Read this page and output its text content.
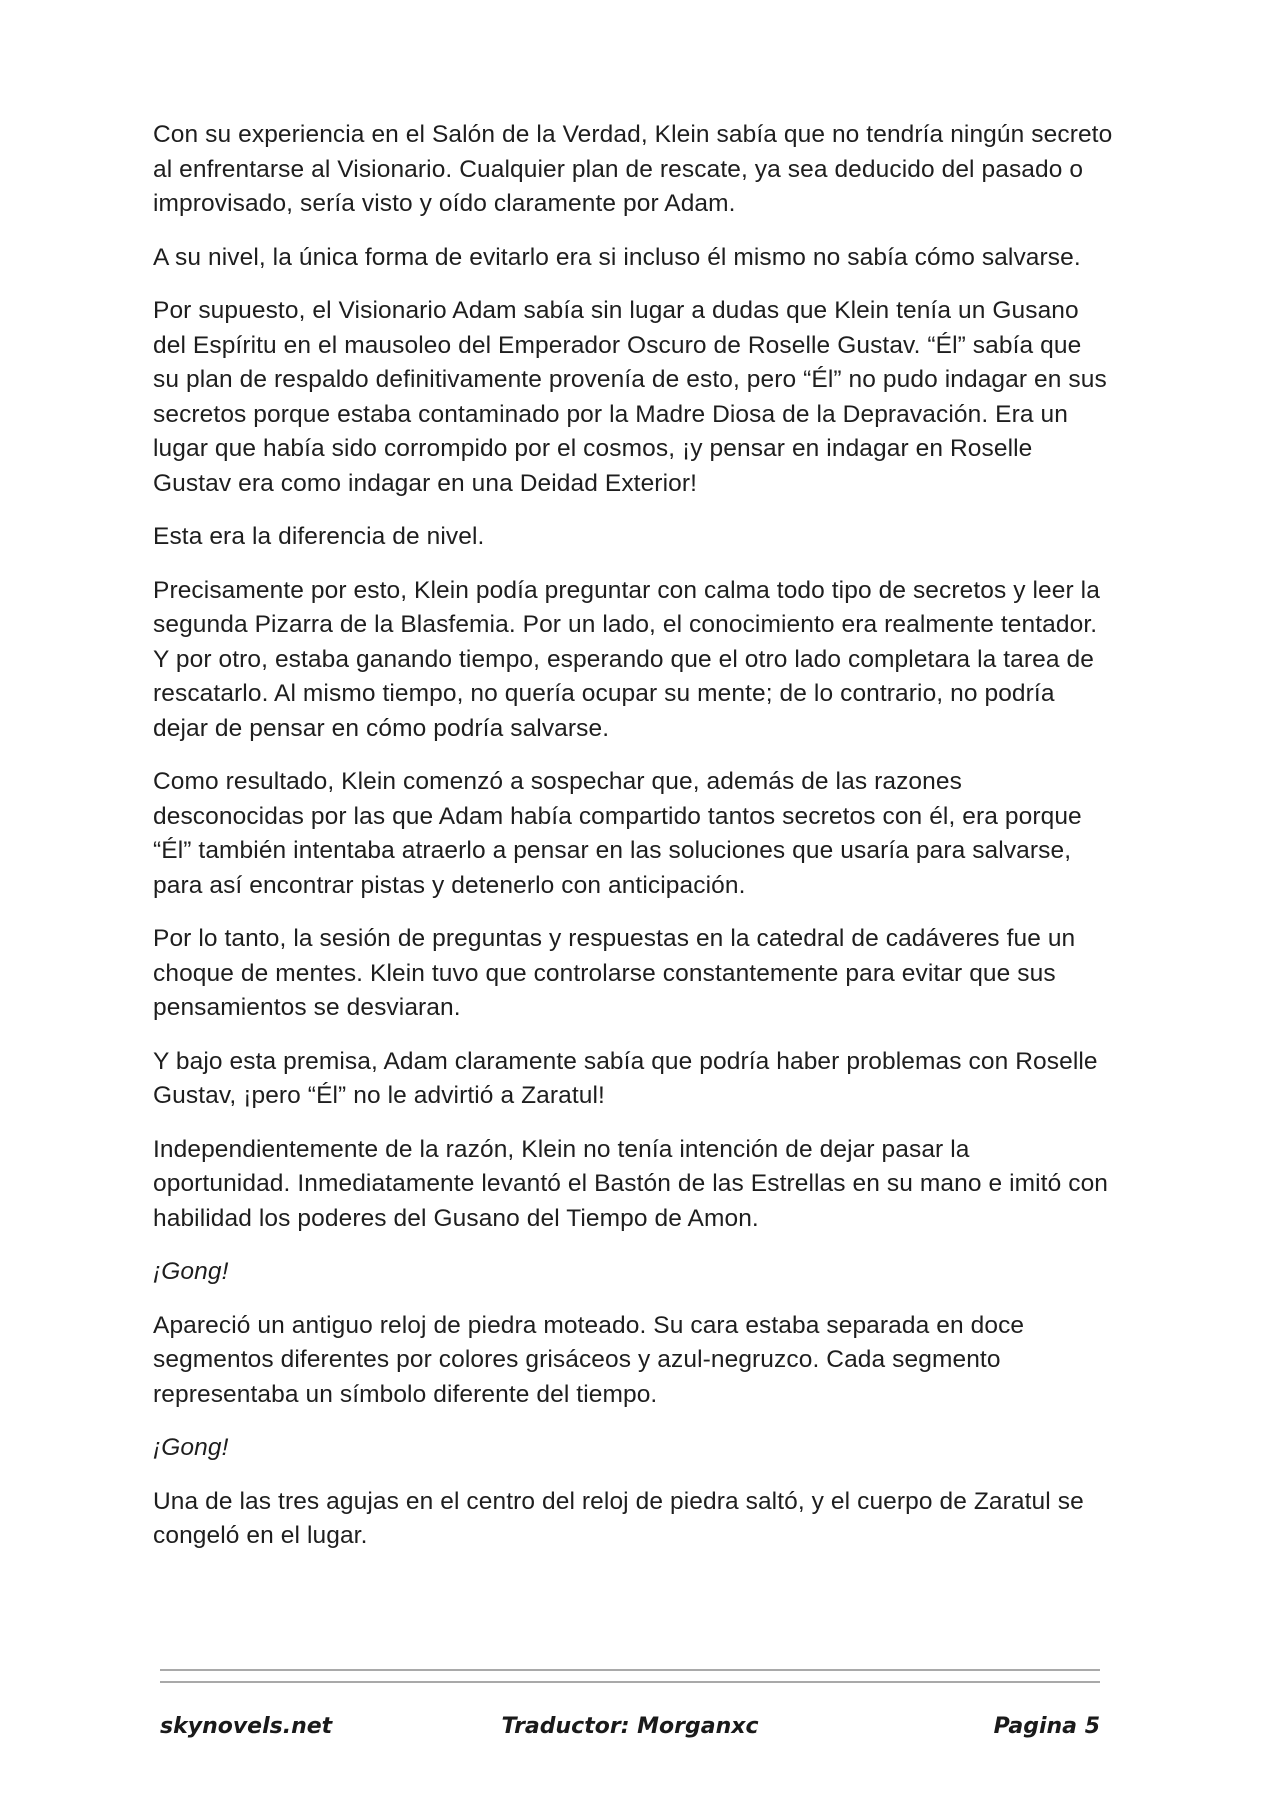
Con su experiencia en el Salón de la Verdad, Klein sabía que no tendría ningún secreto al enfrentarse al Visionario. Cualquier plan de rescate, ya sea deducido del pasado o improvisado, sería visto y oído claramente por Adam.

A su nivel, la única forma de evitarlo era si incluso él mismo no sabía cómo salvarse.

Por supuesto, el Visionario Adam sabía sin lugar a dudas que Klein tenía un Gusano del Espíritu en el mausoleo del Emperador Oscuro de Roselle Gustav. “Él” sabía que su plan de respaldo definitivamente provenía de esto, pero “Él” no pudo indagar en sus secretos porque estaba contaminado por la Madre Diosa de la Depravación. Era un lugar que había sido corrompido por el cosmos, ¡y pensar en indagar en Roselle Gustav era como indagar en una Deidad Exterior!

Esta era la diferencia de nivel.

Precisamente por esto, Klein podía preguntar con calma todo tipo de secretos y leer la segunda Pizarra de la Blasfemia. Por un lado, el conocimiento era realmente tentador. Y por otro, estaba ganando tiempo, esperando que el otro lado completara la tarea de rescatarlo. Al mismo tiempo, no quería ocupar su mente; de lo contrario, no podría dejar de pensar en cómo podría salvarse.

Como resultado, Klein comenzó a sospechar que, además de las razones desconocidas por las que Adam había compartido tantos secretos con él, era porque “Él” también intentaba atraerlo a pensar en las soluciones que usaría para salvarse, para así encontrar pistas y detenerlo con anticipación.

Por lo tanto, la sesión de preguntas y respuestas en la catedral de cadáveres fue un choque de mentes. Klein tuvo que controlarse constantemente para evitar que sus pensamientos se desviaran.

Y bajo esta premisa, Adam claramente sabía que podría haber problemas con Roselle Gustav, ¡pero “Él” no le advirtió a Zaratul!

Independientemente de la razón, Klein no tenía intención de dejar pasar la oportunidad. Inmediatamente levantó el Bastón de las Estrellas en su mano e imitó con habilidad los poderes del Gusano del Tiempo de Amon.

¡Gong!

Apareció un antiguo reloj de piedra moteado. Su cara estaba separada en doce segmentos diferentes por colores grisáceos y azul-negruzco. Cada segmento representaba un símbolo diferente del tiempo.

¡Gong!

Una de las tres agujas en el centro del reloj de piedra saltó, y el cuerpo de Zaratul se congeló en el lugar.

skynovels.net	Traductor: Morganxc	Pagina 5
